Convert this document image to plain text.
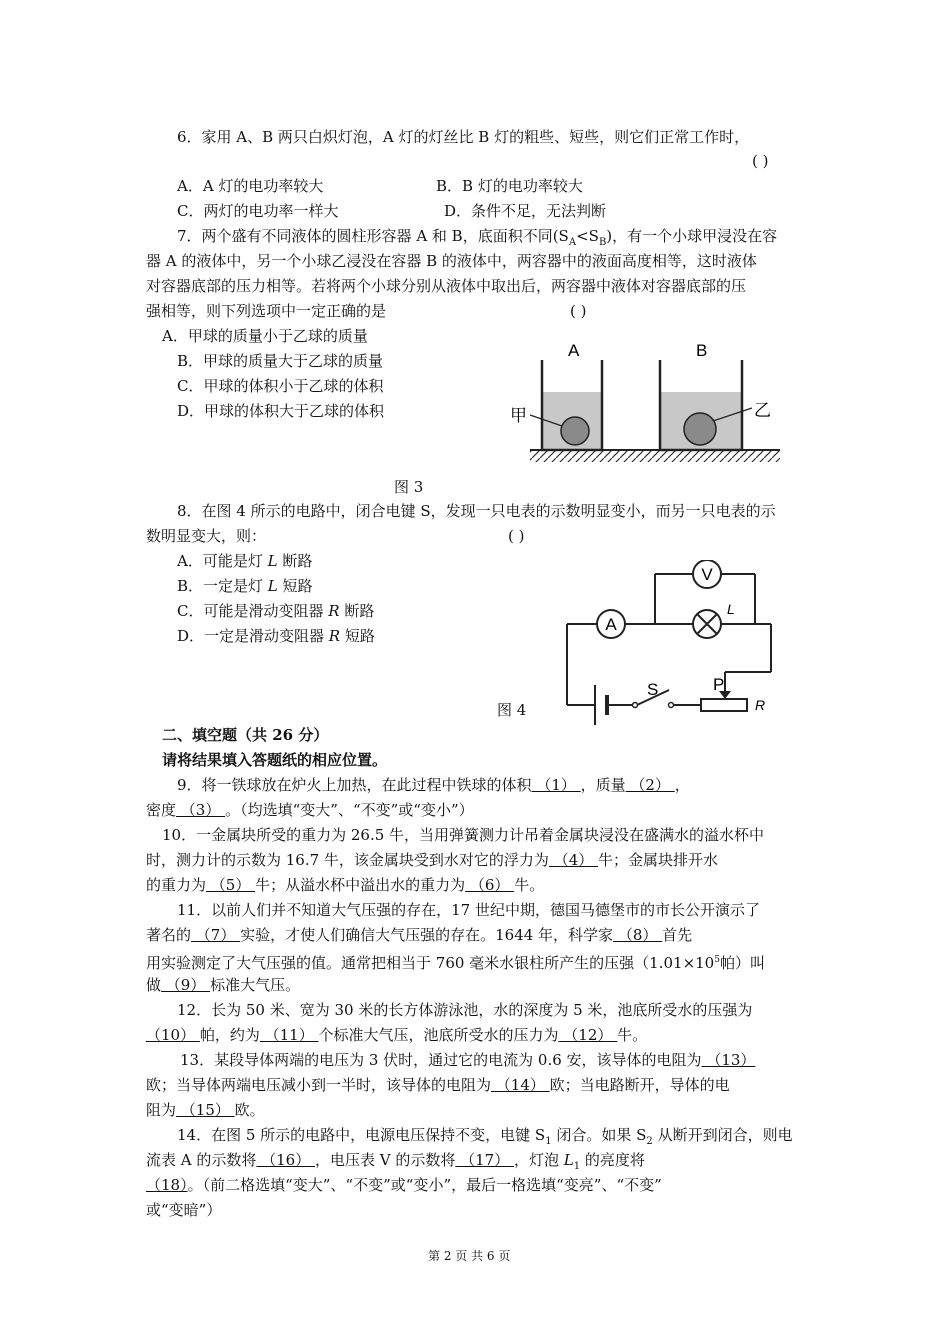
6．家用 A、B 两只白炽灯泡，A 灯的灯丝比 B 灯的粗些、短些，则它们正常工作时，
( )
A．A 灯的电功率较大	B．B 灯的电功率较大
C．两灯的电功率一样大	D．条件不足，无法判断
7．两个盛有不同液体的圆柱形容器 A 和 B，底面积不同$(S_A<S_B)$，有一个小球甲浸没在容
器 A 的液体中，另一个小球乙浸没在容器 B 的液体中，两容器中的液面高度相等，这时液体
对容器底部的压力相等。若将两个小球分别从液体中取出后，两容器中液体对容器底部的压
强相等，则下列选项中一定正确的是	( )
A．甲球的质量小于乙球的质量
B．甲球的质量大于乙球的质量
C．甲球的体积小于乙球的体积
D．甲球的体积大于乙球的体积	甲
A
乙
B
图 3
8．在图 4 所示的电路中，闭合电键 S，发现一只电表的示数明显变小，而另一只电表的示
数明显变大，则：	( )
A．可能是灯 L 断路
B．一定是灯 L 短路
C．可能是滑动变阻器 R 断路
D．一定是滑动变阻器 R 短路
V
A
L
S	P
R
图 4
二、填空题（共 26 分）
请将结果填入答题纸的相应位置。
9．将一铁球放在炉火上加热，在此过程中铁球的体积 （1） ，质量 （2） ，
密度 （3） 。（均选填“变大”、“不变”或“变小”）
10．一金属块所受的重力为 26.5 牛，当用弹簧测力计吊着金属块浸没在盛满水的溢水杯中
时，测力计的示数为 16.7 牛，该金属块受到水对它的浮力为 （4） 牛；金属块排开水
的重力为 （5） 牛；从溢水杯中溢出水的重力为 （6） 牛。
11．以前人们并不知道大气压强的存在，17 世纪中期，德国马德堡市的市长公开演示了
著名的 （7） 实验，才使人们确信大气压强的存在。1644 年，科学家 （8） 首先
用实验测定了大气压强的值。通常把相当于 760 毫米水银柱所产生的压强（$1.01\times 10^5$帕）叫
做 （9） 标准大气压。
12．长为 50 米、宽为 30 米的长方体游泳池，水的深度为 5 米，池底所受水的压强为
（10） 帕，约为 （11） 个标准大气压，池底所受水的压力为 （12） 牛。
13．某段导体两端的电压为 3 伏时，通过它的电流为 0.6 安，该导体的电阻为 （13）
欧；当导体两端电压减小到一半时，该导体的电阻为 （14） 欧；当电路断开，导体的电
阻为 （15） 欧。
14．在图 5 所示的电路中，电源电压保持不变，电键 $S_1$ 闭合。如果 $S_2$ 从断开到闭合，则电
流表 A 的示数将 （16） ，电压表 V 的示数将 （17） ，灯泡 $L_1$ 的亮度将
（18）。（前二格选填“变大”、“不变”或“变小”，最后一格选填“变亮”、“不变”
或“变暗”）
第 2 页 共 6 页
